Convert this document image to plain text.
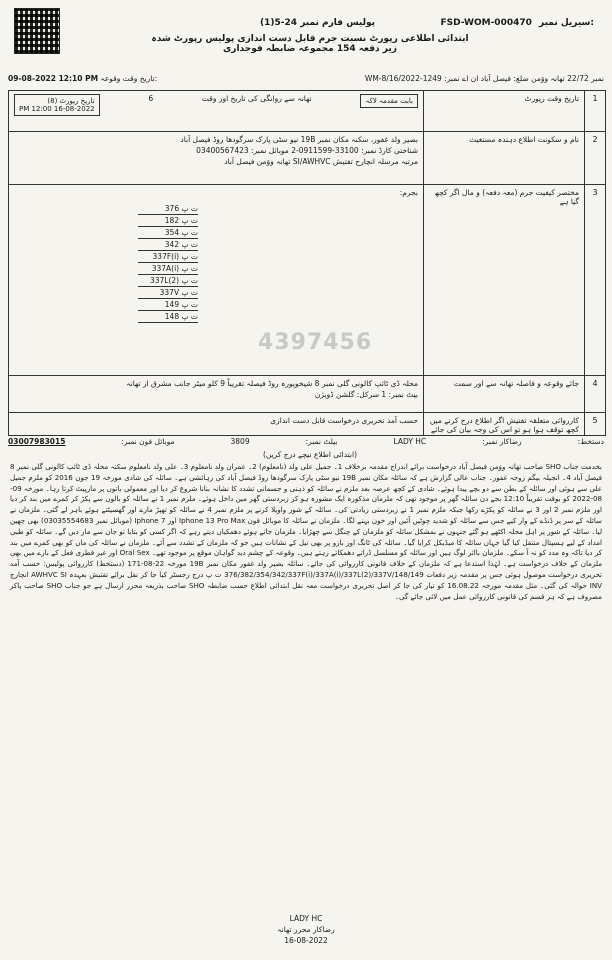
پولیس فارم نمبر 24-5(1)	FSD-WOM-000470 سیریل نمبر:
ابتدائی اطلاعی رپورٹ نسبت جرم قابل دست اندازی پولیس رپورٹ شدہ زیر دفعہ 154 مجموعہ ضابطہ فوجداری
09-08-2022 12:10 PM تاریخ وقت وقوعہ:	نمبر 22/72 تھانہ ووَمن ضلع: فیصل آباد ان اے نمبر: 1249-WM-8/16/2022
بابت مقدمہ لاکہ
تھانہ سے روانگی کی تاریخ اور وقت
6
تاریخ رپورٹ (8)
16-08-2022 12:00 PM
تاریخ وقت رپورٹ	1
بصیر ولد غفور، سکنہ مکان نمبر 19B نیو سٹی پارک سرگودھا روڈ فیصل آباد
شناختی کارڈ نمبر: 33100-0911599-2 موبائل نمبر: 03400567423
مرتبہ مرسلہ انچارج تفتیش SI/AWHVC تھانہ ووَمن فیصل آباد
نام و سکونت اطلاع دہندہ مستغیث	2
بجرم:
376 ت پ
182 ت پ
354 ت پ
342 ت پ
337F(i) ت پ
337A(i) ت پ
337L(2) ت پ
337V ت پ
149 ت پ
148 ت پ
مختصر کیفیت جرم (معہ دفعہ) و مال اگر کچھ گیا ہے
3
محلہ ڈی ٹائپ کالونی گلی نمبر 8 شیخوپورہ روڈ فیصلہ تقریباً 9 کلو میٹر جانب مشرق از تھانہ
بیٹ نمبر: 1 سرکل: گلشن ڈویژن
جائے وقوعہ و فاصلہ تھانہ سے اور سمت	4
حسب آمد تحریری درخواست قابل دست اندازی	کارروائی متعلقہ تفتیش اگر اطلاع درج کرنے میں کچھ توقف ہوا ہو تو اس کی وجہ بیان کی جائے
5
4397456
دستخط:
رضاکار نمبر:
LADY HC
بیلٹ نمبر:
3809
موبائل فون نمبر:
03007983015
(ابتدائی اطلاع نیچے درج کریں)
بخدمت جناب SHO صاحب تھانہ ووَمن فیصل آباد درخواست برائے اندراج مقدمہ برخلاف 1۔ جمیل علی ولد (نامعلوم) 2۔ عمران ولد نامعلوم 3۔ علی ولد نامعلوم سکنہ محلہ ڈی ٹائپ کالونی گلی نمبر 8 فیصل آباد 4۔ انجیلہ بیگم زوجہ غفور۔ جناب عالی گزارش ہے کہ سائلہ مکان نمبر 19B نیو سٹی پارک سرگودھا روڈ فیصل آباد کی رہائشی ہے۔ سائلہ کی شادی مورخہ 19 جون 2016 کو ملزم جمیل علی سے ہوئی اور سائلہ کے بطن سے دو بچے پیدا ہوئے۔ شادی کے کچھ عرصہ بعد ملزم نے سائلہ کو ذہنی و جسمانی تشدد کا نشانہ بنانا شروع کر دیا اور معمولی باتوں پر مارپیٹ کرتا رہا۔ مورخہ 09-08-2022 کو بوقت تقریباً 12:10 بجے دن سائلہ گھر پر موجود تھی کہ ملزمان مذکورہ ایک مشورہ ہو کر زبردستی گھر میں داخل ہوئے۔ ملزم نمبر 1 نے سائلہ کو بالوں سے پکڑ کر کمرے میں بند کر دیا اور ملزم نمبر 2 اور 3 نے سائلہ کو پکڑے رکھا جبکہ ملزم نمبر 1 نے زبردستی زیادتی کی۔ سائلہ کے شور واویلا کرنے پر ملزم نمبر 4 نے سائلہ کو تھپڑ مارے اور گھسیٹتے ہوئے باہر لے گئی۔ ملزمان نے سائلہ کے سر پر ڈنڈے کے وار کیے جس سے سائلہ کو شدید چوٹیں آئیں اور خون بہنے لگا۔ ملزمان نے سائلہ کا موبائل فون Iphone 13 Pro Max اور Iphone 7 (موبائل نمبر 03035554683) بھی چھین لیا۔ سائلہ کے شور پر اہل محلہ اکٹھے ہو گئے جنہوں نے بمشکل سائلہ کو ملزمان کے چنگل سے چھڑایا۔ ملزمان جاتے ہوئے دھمکیاں دیتے رہے کہ اگر کسی کو بتایا تو جان سے مار دیں گے۔ سائلہ کو طبی امداد کے لیے ہسپتال منتقل کیا گیا جہاں سائلہ کا میڈیکل کرایا گیا۔ سائلہ کی ٹانگ اور بازو پر بھی نیل کے نشانات ہیں جو کہ ملزمان کے تشدد سے آئے۔ ملزمان نے سائلہ کی ماں کو بھی کمرے میں بند کر دیا تاکہ وہ مدد کو نہ آ سکے۔ ملزمان بااثر لوگ ہیں اور سائلہ کو مسلسل ڈراتے دھمکاتے رہتے ہیں۔ وقوعہ کے چشم دید گواہان موقع پر موجود تھے۔ Oral Sex اور غیر فطری فعل کے بارے میں بھی ملزمان کے خلاف درخواست ہے۔ لہٰذا استدعا ہے کہ ملزمان کے خلاف قانونی کارروائی کی جائے۔ سائلہ بصیر ولد غفور مکان نمبر 19B مورخہ 22-08-171 (دستخط) کارروائی پولیس: حسب آمد تحریری درخواست موصول ہوئی جس پر مقدمہ زیر دفعات 376/382/354/342/337F(i)/337A(i)/337L(2)/337V/148/149 ت پ درج رجسٹر کیا جا کر نقل برائے تفتیش بعہدہ AWHVC SI انچارج INV حوالہ کی گئی۔ مثل مقدمہ مورخہ 16.08.22 کو تیار کی جا کر اصل تحریری درخواست معہ نقل ابتدائی اطلاع حسب ضابطہ SHO صاحب بذریعہ محرر ارسال ہے جو جناب SHO صاحب پاکر مصروف ہے کہ ہر قسم کی قانونی کارروائی عمل میں لائی جائے گی۔
LADY HC
رضاکار محرر تھانہ
16-08-2022
